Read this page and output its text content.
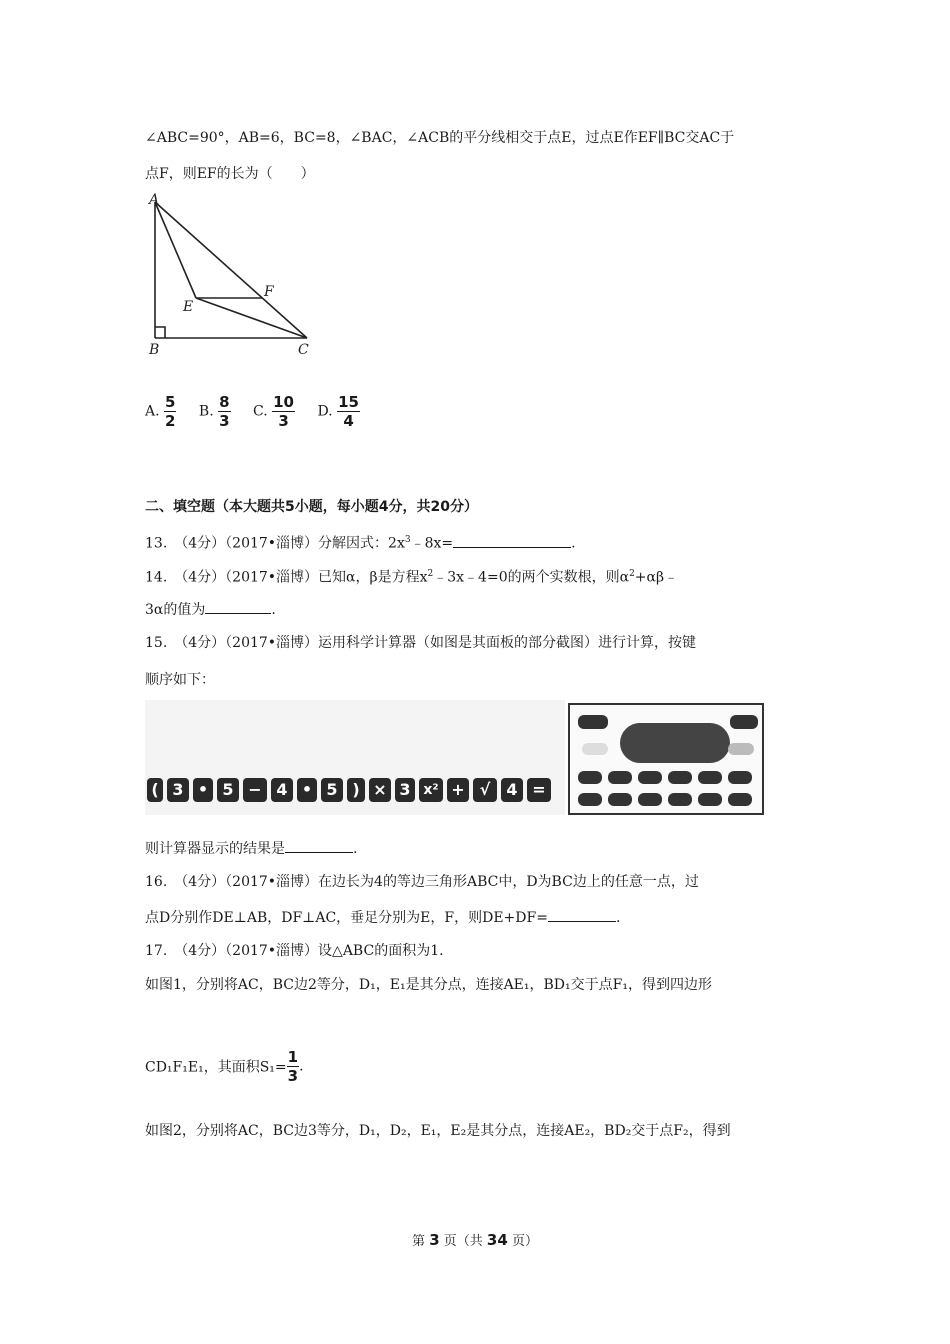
∠ABC=90°，AB=6，BC=8，∠BAC，∠ACB的平分线相交于点E，过点E作EF∥BC交AC于
点F，则EF的长为（　　）
A
B	C
E
F
A. $\frac{5}{2} B$. $\frac{8}{3} C$. $\frac{10}{3} D$. $\frac{15}{4}$
二、填空题（本大题共5小题，每小题4分，共20分）
13.　（4分）（2017•淄博）分解因式：$2x^3﹣8x=$	.
14.　（4分）（2017•淄博）已知α，β是方程$x^2﹣3x﹣4=0$的两个实数根，则$\alpha^2+\alpha\beta﹣$
3α的值为	.
15.　（4分）（2017•淄博）运用科学计算器（如图是其面板的部分截图）进行计算，按键
顺序如下：
( 3 • 5 − 4 • 5 ) × 3 x² + √	4 =
则计算器显示的结果是	.
16.　（4分）（2017•淄博）在边长为4的等边三角形ABC中，D为BC边上的任意一点，过
点D分别作DE⊥AB，DF⊥AC，垂足分别为E，F，则DE+DF=	.
17.　（4分）（2017•淄博）设△ABC的面积为1.
如图1，分别将AC，BC边2等分，D₁，E₁是其分点，连接AE₁，BD₁交于点F₁，得到四边形
CD₁F₁E₁，其面积$S_1= \frac{1}{3}$ .
如图2，分别将AC，BC边3等分，D₁，D₂，E₁，E₂是其分点，连接AE₂，BD₂交于点F₂，得到
第 3 页（共 34 页）
